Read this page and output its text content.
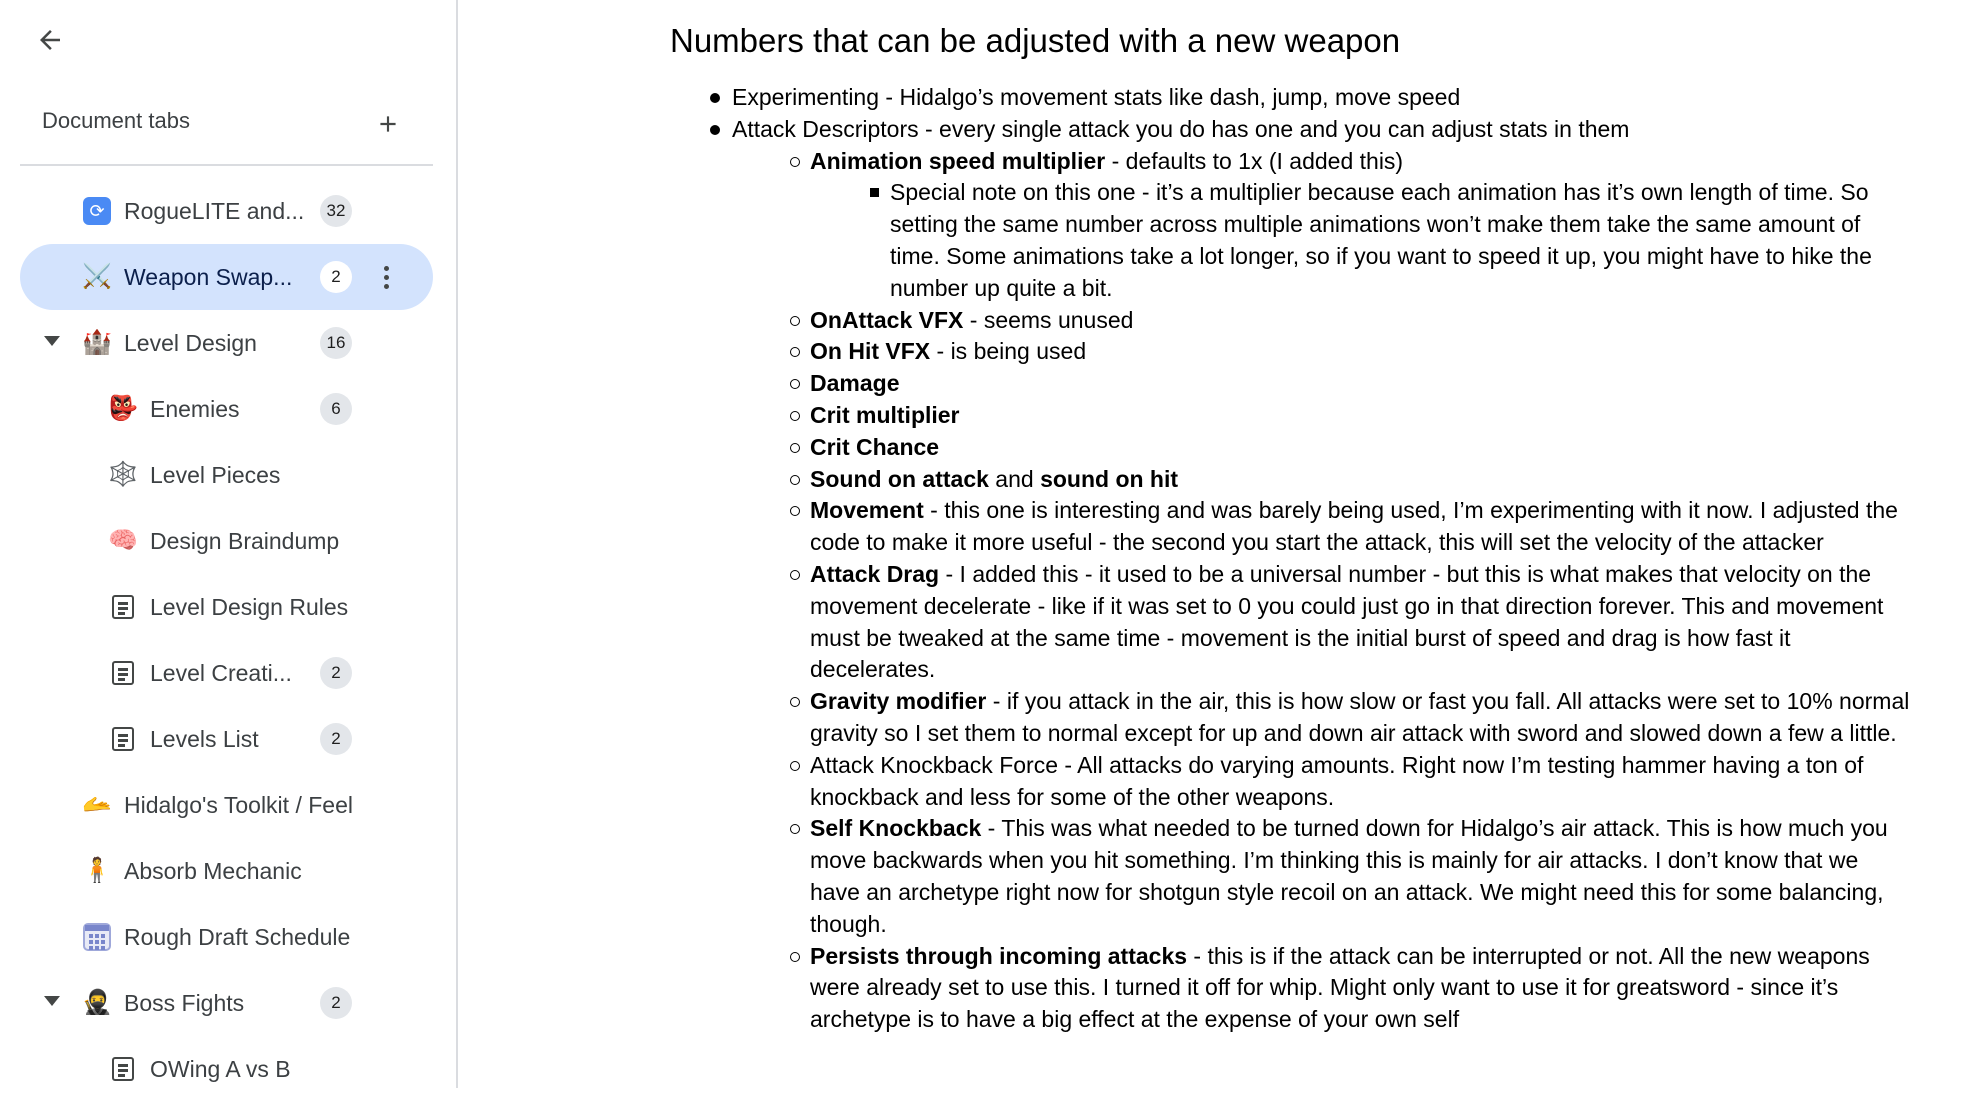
Document tabs
⟳ RogueLITE and...	32
⚔️ Weapon Swap...	2
🏰 Level Design	16
👺 Enemies	6
🕸️ Level Pieces
🧠 Design Braindump
Level Design Rules
Level Creati...	2
Levels List	2
🫴 Hidalgo's Toolkit / Feel
🧍 Absorb Mechanic
Rough Draft Schedule
🥷 Boss Fights	2
OWing A vs B
Numbers that can be adjusted with a new weapon
Experimenting - Hidalgo’s movement stats like dash, jump, move speed
Attack Descriptors - every single attack you do has one and you can adjust stats in them
Animation speed multiplier - defaults to 1x (I added this)
Special note on this one - it’s a multiplier because each animation has it’s own length of time. So setting the same number across multiple animations won’t make them take the same amount of time. Some animations take a lot longer, so if you want to speed it up, you might have to hike the number up quite a bit.
OnAttack VFX - seems unused
On Hit VFX - is being used
Damage
Crit multiplier
Crit Chance
Sound on attack and sound on hit
Movement - this one is interesting and was barely being used, I’m experimenting with it now. I adjusted the code to make it more useful - the second you start the attack, this will set the velocity of the attacker
Attack Drag - I added this - it used to be a universal number - but this is what makes that velocity on the movement decelerate - like if it was set to 0 you could just go in that direction forever. This and movement must be tweaked at the same time - movement is the initial burst of speed and drag is how fast it decelerates.
Gravity modifier - if you attack in the air, this is how slow or fast you fall. All attacks were set to 10% normal gravity so I set them to normal except for up and down air attack with sword and slowed down a few a little.
Attack Knockback Force - All attacks do varying amounts. Right now I’m testing hammer having a ton of knockback and less for some of the other weapons.
Self Knockback - This was what needed to be turned down for Hidalgo’s air attack. This is how much you move backwards when you hit something. I’m thinking this is mainly for air attacks. I don’t know that we have an archetype right now for shotgun style recoil on an attack. We might need this for some balancing, though.
Persists through incoming attacks - this is if the attack can be interrupted or not. All the new weapons were already set to use this. I turned it off for whip. Might only want to use it for greatsword - since it’s archetype is to have a big effect at the expense of your own self
